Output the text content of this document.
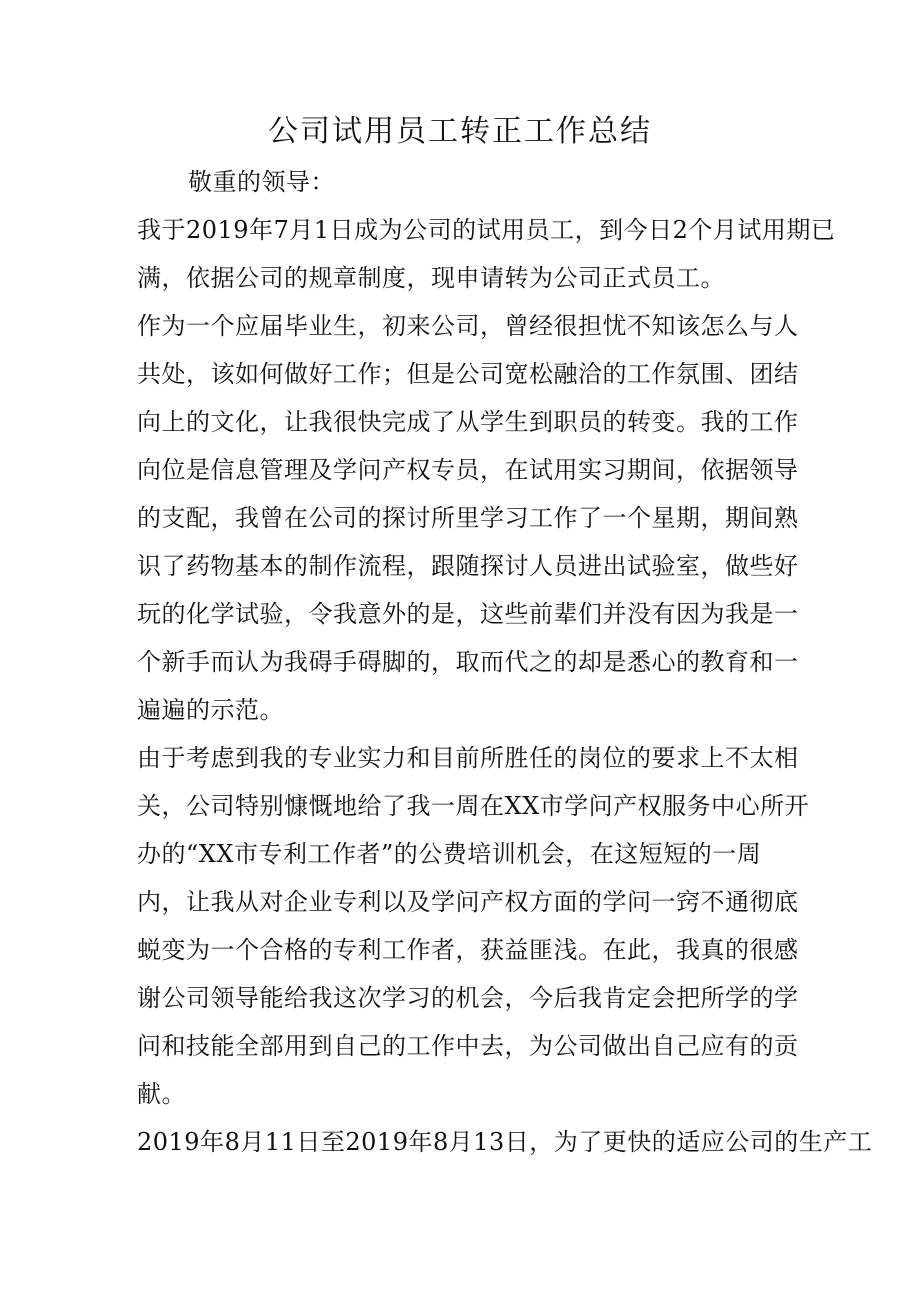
公司试用员工转正工作总结
敬重的领导：
我于2019年7月1日成为公司的试用员工，到今日2个月试用期已
满，依据公司的规章制度，现申请转为公司正式员工。
作为一个应届毕业生，初来公司，曾经很担忧不知该怎么与人
共处，该如何做好工作；但是公司宽松融洽的工作氛围、团结
向上的文化，让我很快完成了从学生到职员的转变。我的工作
向位是信息管理及学问产权专员，在试用实习期间，依据领导
的支配，我曾在公司的探讨所里学习工作了一个星期，期间熟
识了药物基本的制作流程，跟随探讨人员进出试验室，做些好
玩的化学试验，令我意外的是，这些前辈们并没有因为我是一
个新手而认为我碍手碍脚的，取而代之的却是悉心的教育和一
遍遍的示范。
由于考虑到我的专业实力和目前所胜任的岗位的要求上不太相
关，公司特别慷慨地给了我一周在XX市学问产权服务中心所开
办的“XX市专利工作者”的公费培训机会，在这短短的一周
内，让我从对企业专利以及学问产权方面的学问一窍不通彻底
蜕变为一个合格的专利工作者，获益匪浅。在此，我真的很感
谢公司领导能给我这次学习的机会，今后我肯定会把所学的学
问和技能全部用到自己的工作中去，为公司做出自己应有的贡
献。
2019年8月11日至2019年8月13日，为了更快的适应公司的生产工
